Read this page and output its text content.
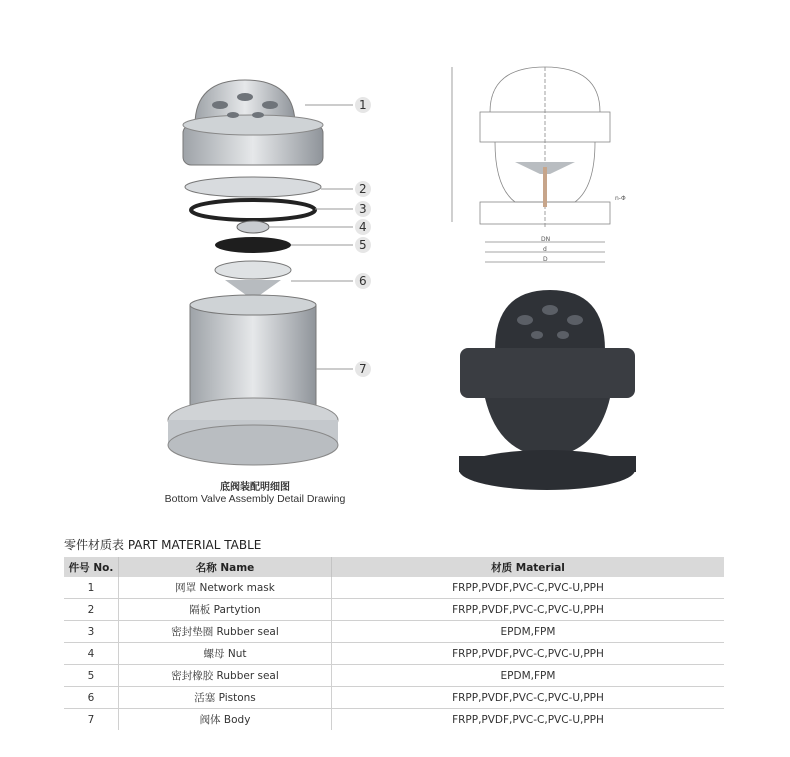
1
2
3
4
5
6
7
DN
d
D
n-Φ
底阀装配明细图
Bottom Valve Assembly Detail Drawing
零件材质表 PART MATERIAL TABLE
件号 No.	名称 Name	材质 Material
1	网罩 Network mask	FRPP,PVDF,PVC-C,PVC-U,PPH
2	隔板 Partytion	FRPP,PVDF,PVC-C,PVC-U,PPH
3	密封垫圈 Rubber seal	EPDM,FPM
4	螺母 Nut	FRPP,PVDF,PVC-C,PVC-U,PPH
5	密封橡胶 Rubber seal	EPDM,FPM
6	活塞 Pistons	FRPP,PVDF,PVC-C,PVC-U,PPH
7	阀体 Body	FRPP,PVDF,PVC-C,PVC-U,PPH
